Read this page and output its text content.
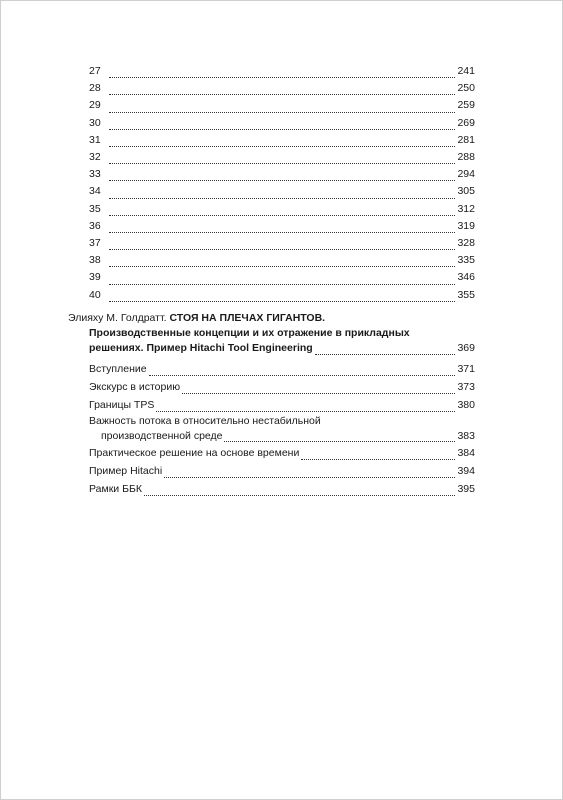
27	241
28	250
29	259
30	269
31	281
32	288
33	294
34	305
35	312
36	319
37	328
38	335
39	346
40	355
Элияху М. Голдратт. СТОЯ НА ПЛЕЧАХ ГИГАНТОВ.
Производственные концепции и их отражение в прикладных
решениях. Пример Hitachi Tool Engineering	369
Вступление	371
Экскурс в историю	373
Границы TPS	380
Важность потока в относительно нестабильной
производственной среде	383
Практическое решение на основе времени	384
Пример Hitachi	394
Рамки ББК	395
